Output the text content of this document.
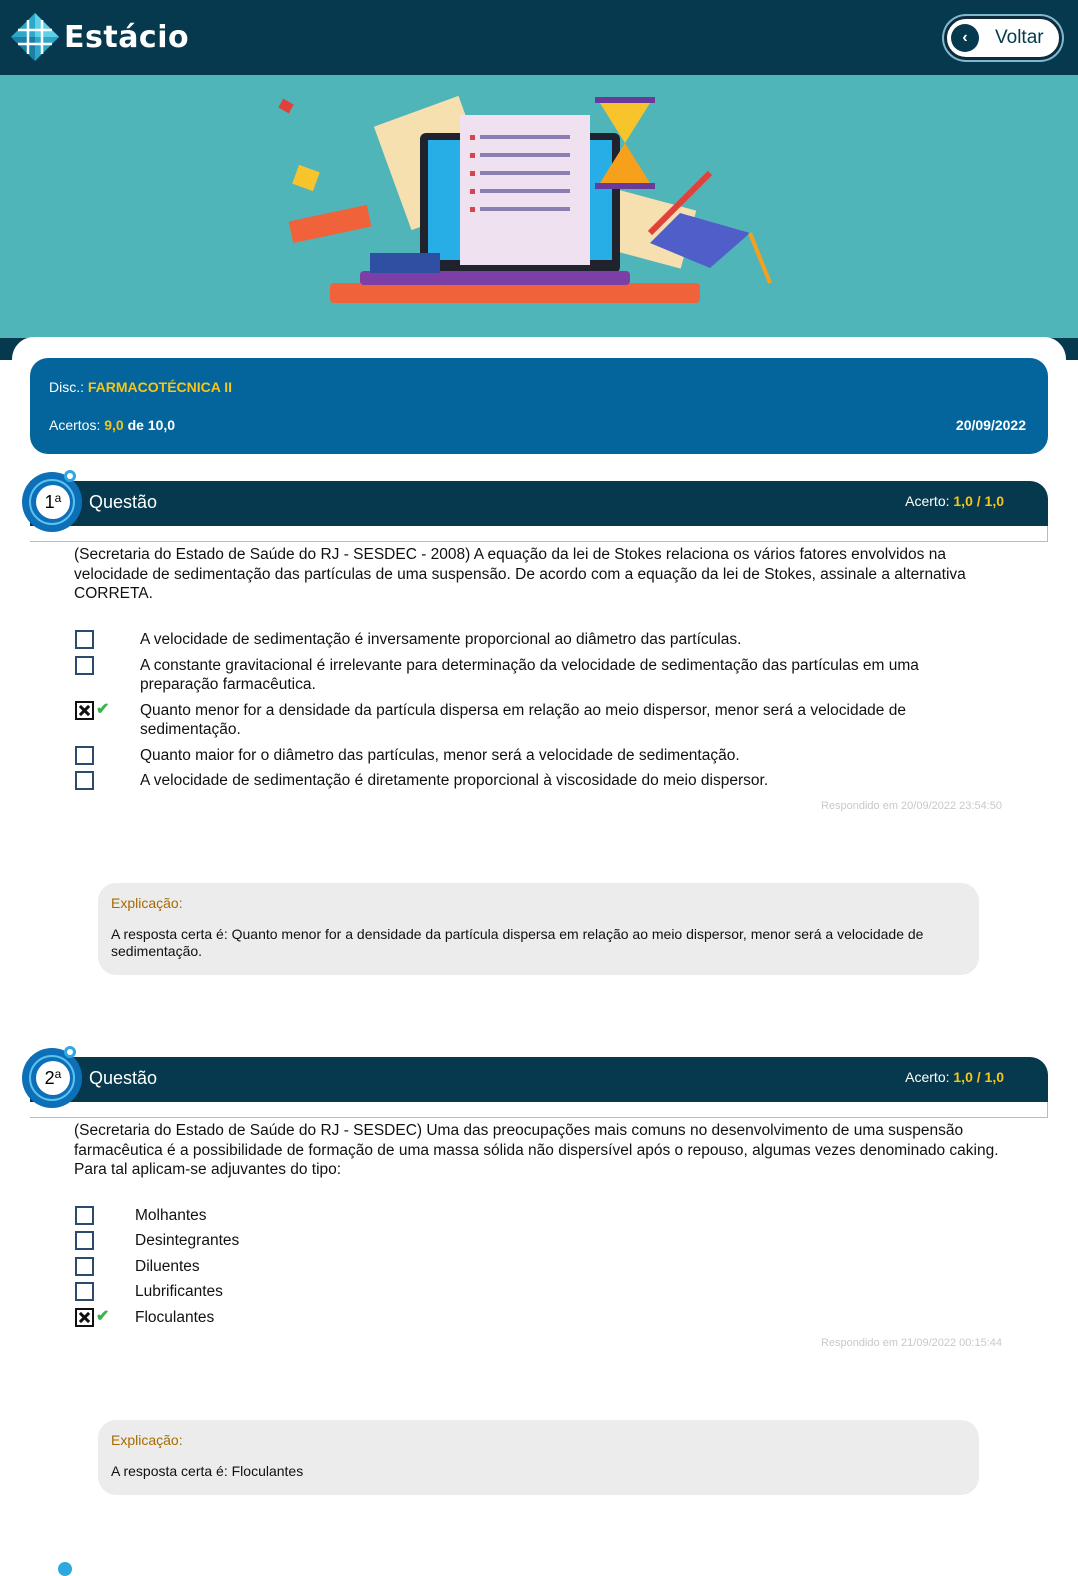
Estácio	‹	Voltar
Disc.: FARMACOTÉCNICA II
Acertos: 9,0 de 10,0	20/09/2022
Questão	Acerto: 1,0 / 1,0
1$^a$
(Secretaria do Estado de Saúde do RJ - SESDEC - 2008) A equação da lei de Stokes relaciona os vários fatores envolvidos na velocidade de sedimentação das partículas de uma suspensão. De acordo com a equação da lei de Stokes, assinale a alternativa CORRETA.
A velocidade de sedimentação é inversamente proporcional ao diâmetro das partículas.
A constante gravitacional é irrelevante para determinação da velocidade de sedimentação das partículas em uma preparação farmacêutica.
✔ Quanto menor for a densidade da partícula dispersa em relação ao meio dispersor, menor será a velocidade de sedimentação.
Quanto maior for o diâmetro das partículas, menor será a velocidade de sedimentação.
A velocidade de sedimentação é diretamente proporcional à viscosidade do meio dispersor.
Respondido em 20/09/2022 23:54:50
Explicação:
A resposta certa é: Quanto menor for a densidade da partícula dispersa em relação ao meio dispersor, menor será a velocidade de sedimentação.
Questão	Acerto: 1,0 / 1,0
2$^a$
(Secretaria do Estado de Saúde do RJ - SESDEC) Uma das preocupações mais comuns no desenvolvimento de uma suspensão farmacêutica é a possibilidade de formação de uma massa sólida não dispersível após o repouso, algumas vezes denominado caking. Para tal aplicam-se adjuvantes do tipo:
Molhantes
Desintegrantes
Diluentes
Lubrificantes
✔ Floculantes
Respondido em 21/09/2022 00:15:44
Explicação:
A resposta certa é: Floculantes
